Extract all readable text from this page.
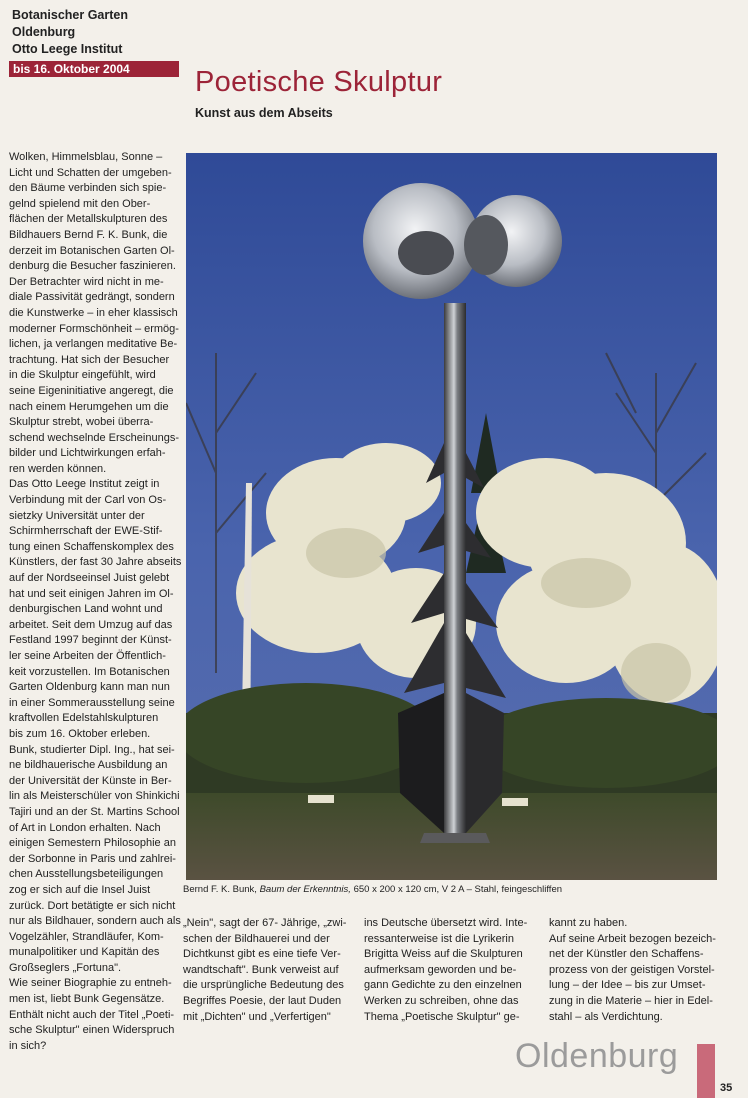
Botanischer Garten
Oldenburg
Otto Leege Institut
bis 16. Oktober 2004	Poetische Skulptur
Kunst aus dem Abseits

Wolken, Himmelsblau, Sonne –
Licht und Schatten der umgeben-
den Bäume verbinden sich spie-
gelnd spielend mit den Ober-
flächen der Metallskulpturen des
Bildhauers Bernd F. K. Bunk, die
derzeit im Botanischen Garten Ol-
denburg die Besucher faszinieren.
Der Betrachter wird nicht in me-
diale Passivität gedrängt, sondern
die Kunstwerke – in eher klassisch
moderner Formschönheit – ermög-
lichen, ja verlangen meditative Be-
trachtung. Hat sich der Besucher
in die Skulptur eingefühlt, wird
seine Eigeninitiative angeregt, die
nach einem Herumgehen um die
Skulptur strebt, wobei überra-
schend wechselnde Erscheinungs-
bilder und Lichtwirkungen erfah-
ren werden können.
Das Otto Leege Institut zeigt in
Verbindung mit der Carl von Os-
sietzky Universität unter der
Schirmherrschaft der EWE-Stif-
tung einen Schaffenskomplex des
Künstlers, der fast 30 Jahre abseits
auf der Nordseeinsel Juist gelebt
hat und seit einigen Jahren im Ol-
denburgischen Land wohnt und
arbeitet. Seit dem Umzug auf das
Festland 1997 beginnt der Künst-
ler seine Arbeiten der Öffentlich-
keit vorzustellen. Im Botanischen
Garten Oldenburg kann man nun
in einer Sommerausstellung seine
kraftvollen Edelstahlskulpturen
bis zum 16. Oktober erleben.
Bunk, studierter Dipl. Ing., hat sei-
ne bildhauerische Ausbildung an
der Universität der Künste in Ber-
lin als Meisterschüler von Shinkichi
Tajiri und an der St. Martins School
of Art in London erhalten. Nach
einigen Semestern Philosophie an
der Sorbonne in Paris und zahlrei-
chen Ausstellungsbeteiligungen
zog er sich auf die Insel Juist
zurück. Dort betätigte er sich nicht
nur als Bildhauer, sondern auch als
Vogelzähler, Strandläufer, Kom-
munalpolitiker und Kapitän des
Großseglers „Fortuna".
Wie seiner Biographie zu entneh-
men ist, liebt Bunk Gegensätze.
Enthält nicht auch der Titel „Poeti-
sche Skulptur" einen Widerspruch
in sich?

Bernd F. K. Bunk, Baum der Erkenntnis, 650 x 200 x 120 cm, V 2 A – Stahl, feingeschliffen

„Nein", sagt der 67- Jährige, „zwi-
schen der Bildhauerei und der
Dichtkunst gibt es eine tiefe Ver-
wandtschaft". Bunk verweist auf
die ursprüngliche Bedeutung des
Begriffes Poesie, der laut Duden
mit „Dichten" und „Verfertigen"

ins Deutsche übersetzt wird. Inte-
ressanterweise ist die Lyrikerin
Brigitta Weiss auf die Skulpturen
aufmerksam geworden und be-
gann Gedichte zu den einzelnen
Werken zu schreiben, ohne das
Thema „Poetische Skulptur" ge-

kannt zu haben.
Auf seine Arbeit bezogen bezeich-
net der Künstler den Schaffens-
prozess von der geistigen Vorstel-
lung – der Idee – bis zur Umset-
zung in die Materie – hier in Edel-
stahl – als Verdichtung.

Oldenburg
35
